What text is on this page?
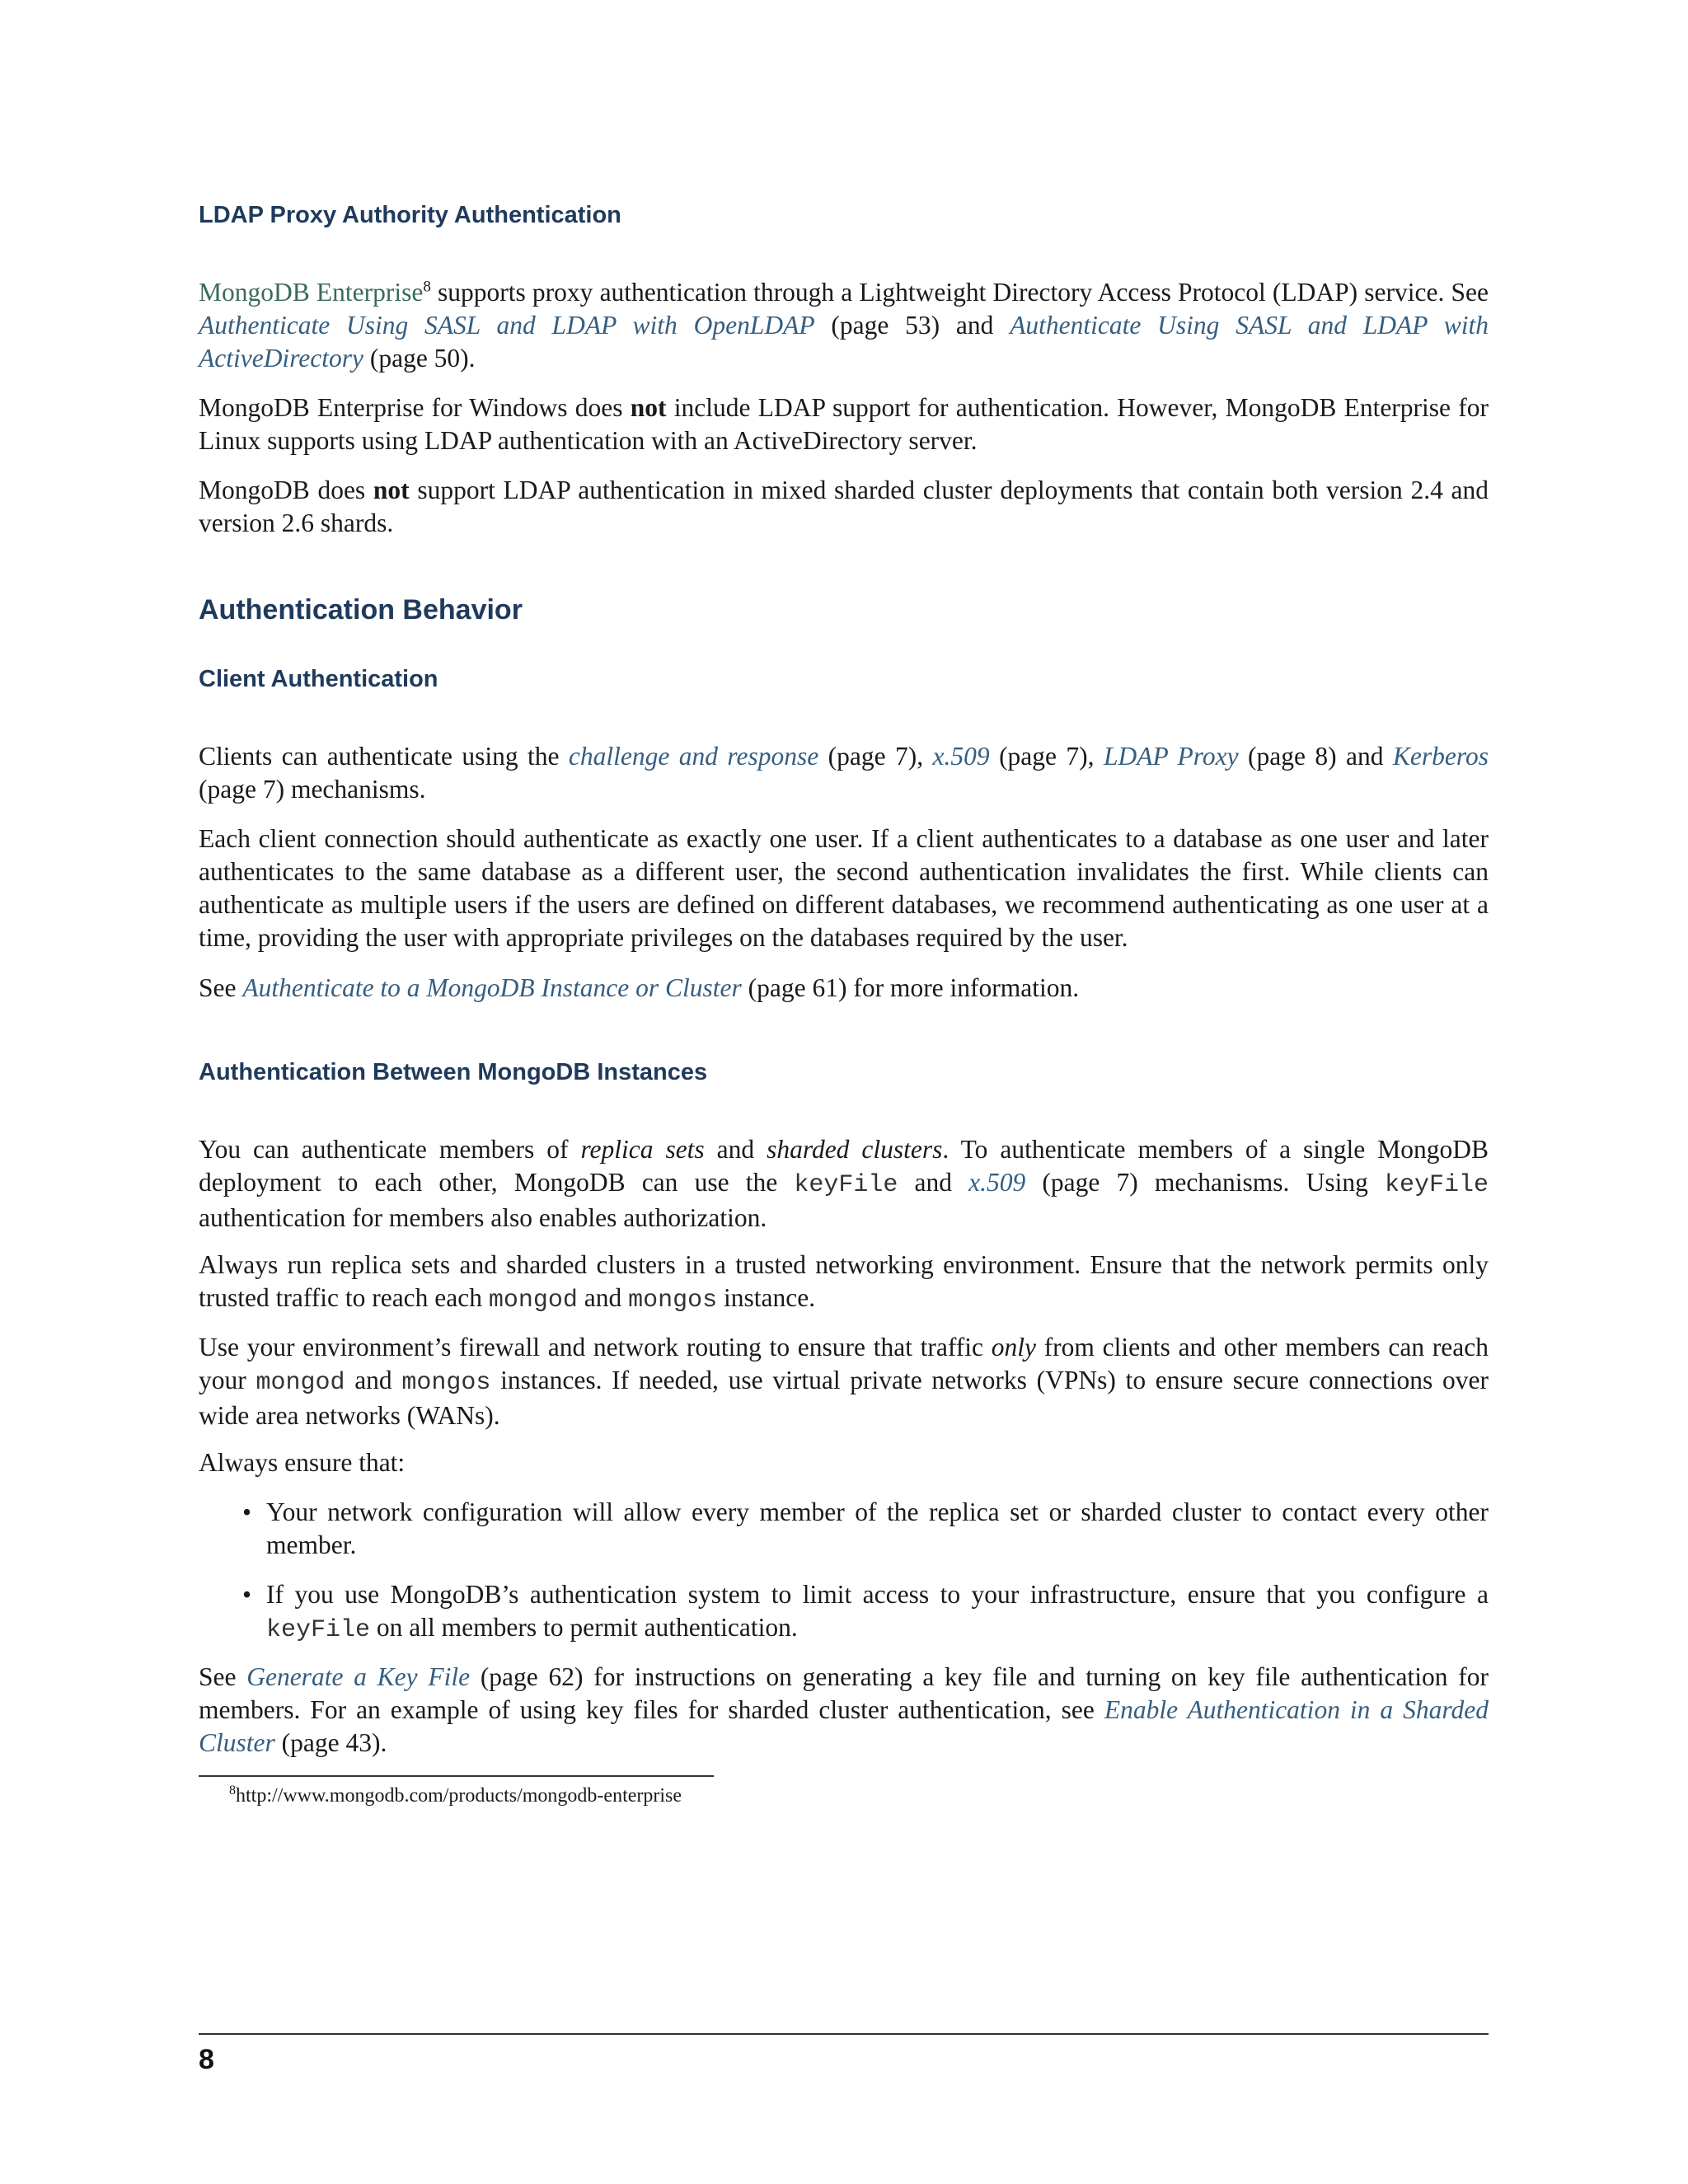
LDAP Proxy Authority Authentication

MongoDB Enterprise$^8$ supports proxy authentication through a Lightweight Directory Access Protocol (LDAP) service. See Authenticate Using SASL and LDAP with OpenLDAP (page 53) and Authenticate Using SASL and LDAP with ActiveDirectory (page 50).

MongoDB Enterprise for Windows does not include LDAP support for authentication. However, MongoDB Enterprise for Linux supports using LDAP authentication with an ActiveDirectory server.

MongoDB does not support LDAP authentication in mixed sharded cluster deployments that contain both version 2.4 and version 2.6 shards.

Authentication Behavior
Client Authentication

Clients can authenticate using the challenge and response (page 7), x.509 (page 7), LDAP Proxy (page 8) and Kerberos (page 7) mechanisms.

Each client connection should authenticate as exactly one user. If a client authenticates to a database as one user and later authenticates to the same database as a different user, the second authentication invalidates the first. While clients can authenticate as multiple users if the users are defined on different databases, we recommend authenticating as one user at a time, providing the user with appropriate privileges on the databases required by the user.

See Authenticate to a MongoDB Instance or Cluster (page 61) for more information.

Authentication Between MongoDB Instances

You can authenticate members of replica sets and sharded clusters. To authenticate members of a single MongoDB deployment to each other, MongoDB can use the keyFile and x.509 (page 7) mechanisms. Using keyFile authentication for members also enables authorization.

Always run replica sets and sharded clusters in a trusted networking environment. Ensure that the network permits only trusted traffic to reach each mongod and mongos instance.

Use your environment’s firewall and network routing to ensure that traffic only from clients and other members can reach your mongod and mongos instances. If needed, use virtual private networks (VPNs) to ensure secure connections over wide area networks (WANs).

Always ensure that:

• Your network configuration will allow every member of the replica set or sharded cluster to contact every other member.
• If you use MongoDB’s authentication system to limit access to your infrastructure, ensure that you configure a keyFile on all members to permit authentication.

See Generate a Key File (page 62) for instructions on generating a key file and turning on key file authentication for members. For an example of using key files for sharded cluster authentication, see Enable Authentication in a Sharded Cluster (page 43).

$^8$http://www.mongodb.com/products/mongodb-enterprise
8
